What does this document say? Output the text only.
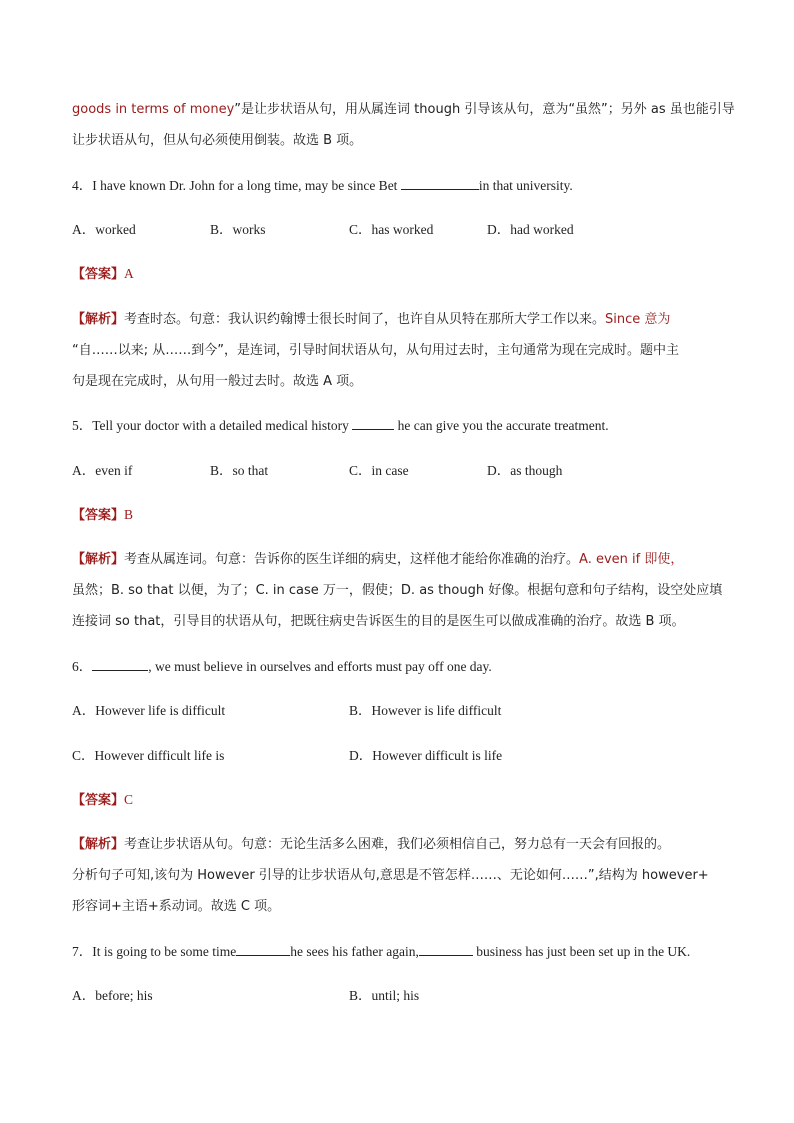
goods in terms of money”是让步状语从句，用从属连词 though 引导该从句，意为“虽然”；另外 as 虽也能引导
让步状语从句，但从句必须使用倒装。故选 B 项。
4．I have known Dr. John for a long time, may be since Bet	in that university.
A．worked	B．works	C．has worked	D．had worked
【答案】A
【解析】考查时态。句意：我认识约翰博士很长时间了，也许自从贝特在那所大学工作以来。Since 意为
“自……以来; 从……到今”，是连词，引导时间状语从句，从句用过去时，主句通常为现在完成时。题中主
句是现在完成时，从句用一般过去时。故选 A 项。
5．Tell your doctor with a detailed medical history	he can give you the accurate treatment.
A．even if	B．so that	C．in case	D．as though
【答案】B
【解析】考查从属连词。句意：告诉你的医生详细的病史，这样他才能给你准确的治疗。A. even if 即使，
虽然；B. so that 以便，为了；C. in case 万一，假使；D. as though 好像。根据句意和句子结构，设空处应填
连接词 so that，引导目的状语从句，把既往病史告诉医生的目的是医生可以做成准确的治疗。故选 B 项。
6．	, we must believe in ourselves and efforts must pay off one day.
A．However life is difficult	B．However is life difficult
C．However difficult life is	D．However difficult is life
【答案】C
【解析】考查让步状语从句。句意：无论生活多么困难，我们必须相信自己，努力总有一天会有回报的。
分析句子可知,该句为 However 引导的让步状语从句,意思是不管怎样……、无论如何……”,结构为 however+
形容词+主语+系动词。故选 C 项。
7．It is going to be some time	he sees his father again,	business has just been set up in the UK.
A．before; his	B．until; his
